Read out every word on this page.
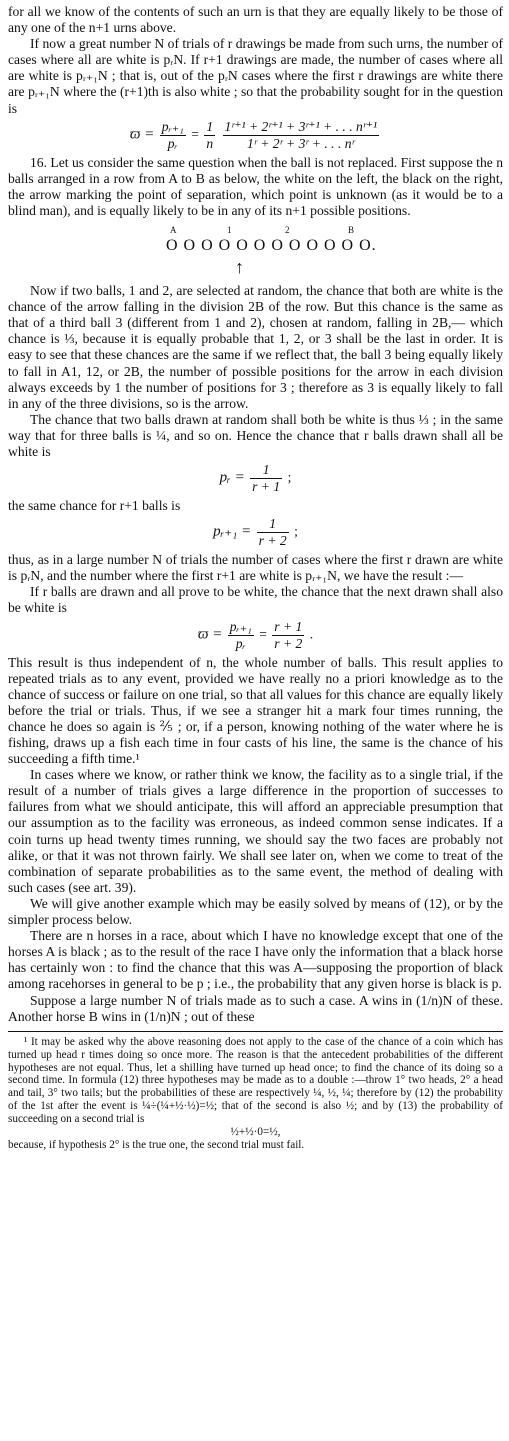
for all we know of the contents of such an urn is that they are equally likely to be those of any one of the n+1 urns above.

If now a great number N of trials of r drawings be made from such urns, the number of cases where all are white is pᵣN. If r+1 drawings are made, the number of cases where all are white is pᵣ₊₁N ; that is, out of the pᵣN cases where the first r drawings are white there are pᵣ₊₁N where the (r+1)th is also white ; so that the probability sought for in the question is

$ϖ = \frac{\text{pᵣ₊₁}}{\text{pᵣ}} = \frac{1}{n}$
$\frac{\text{1ʳ⁺¹ + 2ʳ⁺¹ + 3ʳ⁺¹ + . . . nʳ⁺¹}}{\text{1ʳ + 2ʳ + 3ʳ + . . . nʳ}}$

16. Let us consider the same question when the ball is not replaced. First suppose the n balls arranged in a row from A to B as below, the white on the left, the black on the right, the arrow marking the point of separation, which point is unknown (as it would be to a blind man), and is equally likely to be in any of its n+1 possible positions.

A	1	2	B
O O O O O O O O O O O O.
↑

Now if two balls, 1 and 2, are selected at random, the chance that both are white is the chance of the arrow falling in the division 2B of the row. But this chance is the same as that of a third ball 3 (different from 1 and 2), chosen at random, falling in 2B,— which chance is ⅓, because it is equally probable that 1, 2, or 3 shall be the last in order. It is easy to see that these chances are the same if we reflect that, the ball 3 being equally likely to fall in A1, 12, or 2B, the number of possible positions for the arrow in each division always exceeds by 1 the number of positions for 3 ; therefore as 3 is equally likely to fall in any of the three divisions, so is the arrow.

The chance that two balls drawn at random shall both be white is thus ⅓ ; in the same way that for three balls is ¼, and so on. Hence the chance that r balls drawn shall all be white is

pᵣ = $\frac{1}{r + 1}$ ;

the same chance for r+1 balls is

pᵣ₊₁ = $\frac{1}{r + 2}$ ;

thus, as in a large number N of trials the number of cases where the first r drawn are white is pᵣN, and the number where the first r+1 are white is pᵣ₊₁N, we have the result :—

If r balls are drawn and all prove to be white, the chance that the next drawn shall also be white is

$ϖ = \frac{\text{pᵣ₊₁}}{\text{pᵣ}} = \frac{r + 1}{r + 2}$ .

This result is thus independent of n, the whole number of balls. This result applies to repeated trials as to any event, provided we have really no a priori knowledge as to the chance of success or failure on one trial, so that all values for this chance are equally likely before the trial or trials. Thus, if we see a stranger hit a mark four times running, the chance he does so again is ⅖ ; or, if a person, knowing nothing of the water where he is fishing, draws up a fish each time in four casts of his line, the same is the chance of his succeeding a fifth time.¹

In cases where we know, or rather think we know, the facility as to a single trial, if the result of a number of trials gives a large difference in the proportion of successes to failures from what we should anticipate, this will afford an appreciable presumption that our assumption as to the facility was erroneous, as indeed common sense indicates. If a coin turns up head twenty times running, we should say the two faces are probably not alike, or that it was not thrown fairly. We shall see later on, when we come to treat of the combination of separate probabilities as to the same event, the method of dealing with such cases (see art. 39).

We will give another example which may be easily solved by means of (12), or by the simpler process below.

There are n horses in a race, about which I have no knowledge except that one of the horses A is black ; as to the result of the race I have only the information that a black horse has certainly won : to find the chance that this was A—supposing the proportion of black among racehorses in general to be p ; i.e., the probability that any given horse is black is p.

Suppose a large number N of trials made as to such a case. A wins in (1/n)N of these. Another horse B wins in (1/n)N ; out of these

¹ It may be asked why the above reasoning does not apply to the case of the chance of a coin which has turned up head r times doing so once more. The reason is that the antecedent probabilities of the different hypotheses are not equal. Thus, let a shilling have turned up head once; to find the chance of its doing so a second time. In formula (12) three hypotheses may be made as to a double :—throw 1° two heads, 2° a head and tail, 3° two tails; but the probabilities of these are respectively ¼, ½, ¼; therefore by (12) the probability of the 1st after the event is ¼÷(¼+½·½)=½; that of the second is also ½; and by (13) the probability of succeeding on a second trial is

½+½·0=½,

because, if hypothesis 2° is the true one, the second trial must fail.
